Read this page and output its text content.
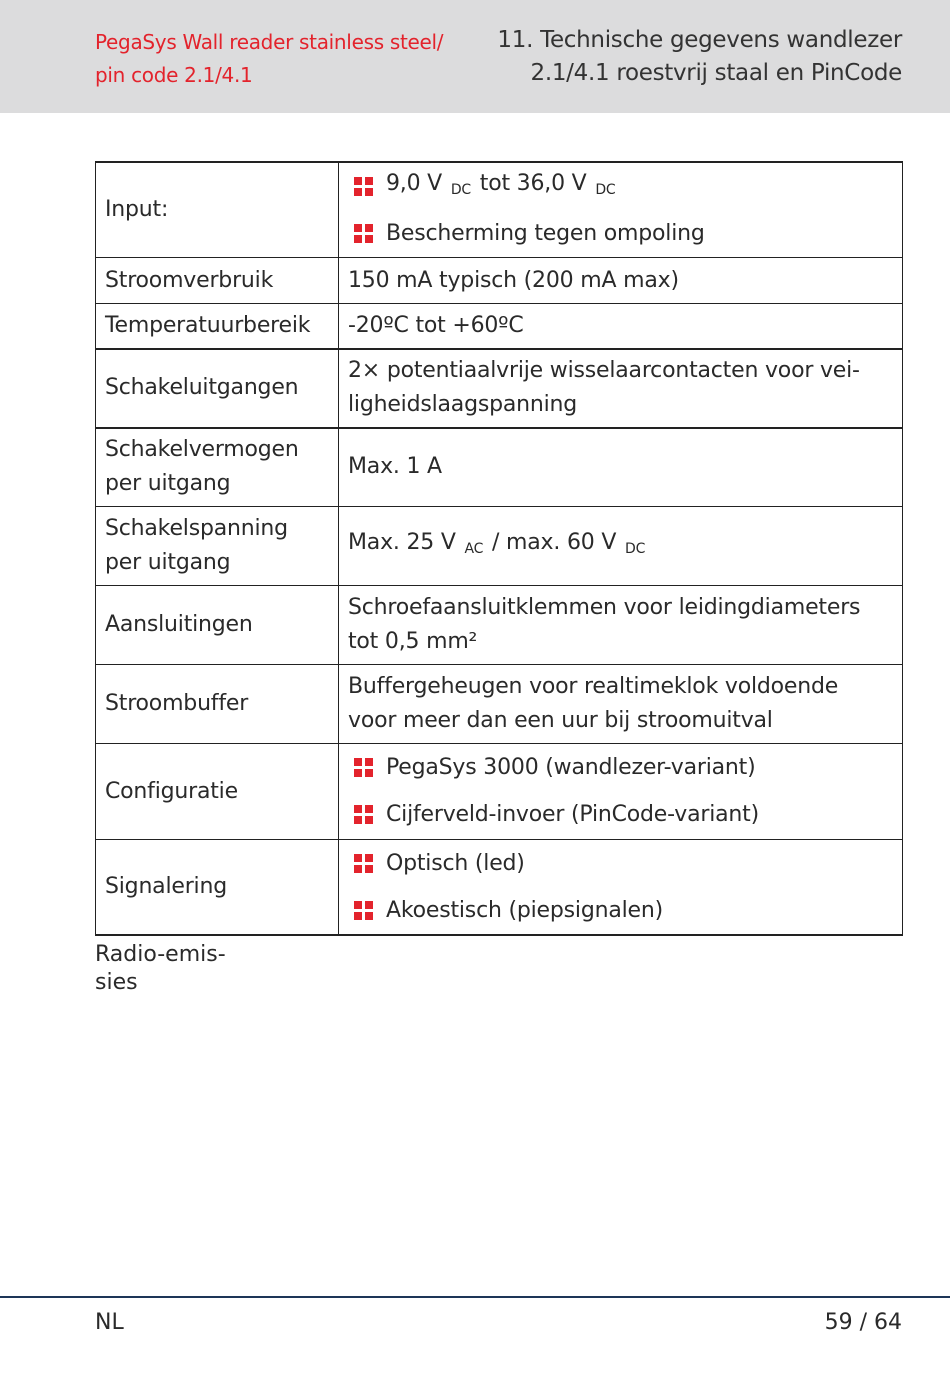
PegaSys Wall reader stainless steel/
pin code 2.1/4.1
11. Technische gegevens wandlezer
2.1/4.1 roestvrij staal en PinCode
Input:	9,0 V $_{DC}$ tot 36,0 V $_{DC}$
Bescherming tegen ompoling

Stroomverbruik	150 mA typisch (200 mA max)
Temperatuurbereik	-20ºC tot +60ºC
Schakeluitgangen	2× potentiaalvrije wisselaarcontacten voor vei-
ligheidslaagspanning

Schakelvermogen
per uitgang	Max. 1 A

Schakelspanning
per uitgang	Max. 25 V $_{AC}$ / max. 60 V $_{DC}$
Aansluitingen	Schroefaansluitklemmen voor leidingdiameters
tot 0,5 mm²

Stroombuffer	Buffergeheugen voor realtimeklok voldoende
voor meer dan een uur bij stroomuitval

Configuratie	PegaSys 3000 (wandlezer-variant)
Cijferveld-invoer (PinCode-variant)

Signalering	Optisch (led)
Akoestisch (piepsignalen)
Radio-emis-
sies
NL	59 / 64
